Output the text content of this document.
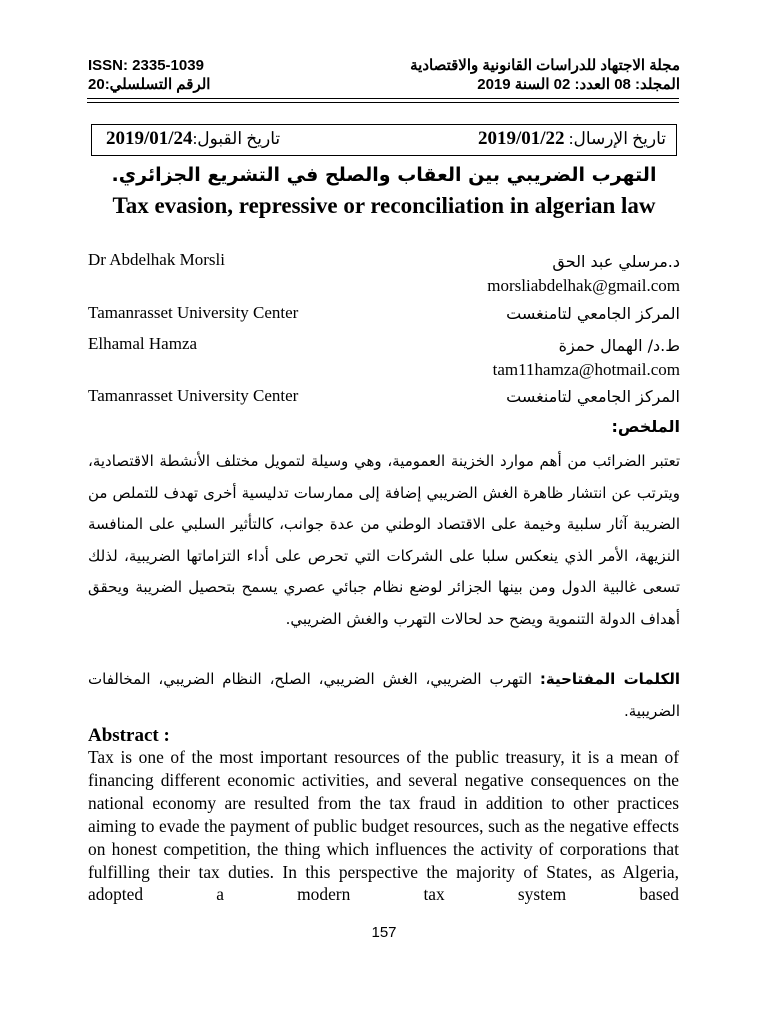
ISSN: 2335-1039
الرقم التسلسلي:20
مجلة الاجتهاد للدراسات القانونية والاقتصادية
المجلد: 08 العدد: 02 السنة 2019
تاريخ الإرسال: 2019/01/22
تاريخ القبول:2019/01/24
التهرب الضريبي بين العقاب والصلح في التشريع الجزائري.
Tax evasion, repressive or reconciliation in algerian law
Dr Abdelhak Morsli	د.مرسلي عبد الحق
morsliabdelhak@gmail.com
Tamanrasset University Center	المركز الجامعي لتامنغست
Elhamal Hamza	ط.د/ الهمال حمزة
tam11hamza@hotmail.com
Tamanrasset University Center	المركز الجامعي لتامنغست
الملخص:
تعتبر الضرائب من أهم موارد الخزينة العمومية، وهي وسيلة لتمويل مختلف الأنشطة الاقتصادية، ويترتب عن انتشار ظاهرة الغش الضريبي إضافة إلى ممارسات تدليسية أخرى تهدف للتملص من الضريبة آثار سلبية وخيمة على الاقتصاد الوطني من عدة جوانب، كالتأثير السلبي على المنافسة النزيهة، الأمر الذي ينعكس سلبا على الشركات التي تحرص على أداء التزاماتها الضريبية، لذلك تسعى غالبية الدول ومن بينها الجزائر لوضع نظام جبائي عصري يسمح بتحصيل الضريبة ويحقق أهداف الدولة التنموية ويضح حد لحالات التهرب والغش الضريبي.
الكلمات المفتاحية: التهرب الضريبي، الغش الضريبي، الصلح، النظام الضريبي، المخالفات الضريبية.
Abstract :
Tax is one of the most important resources of the public treasury, it is a mean of financing different economic activities, and several negative consequences on the national economy are resulted from the tax fraud in addition to other practices aiming to evade the payment of public budget resources, such as the negative effects on honest competition, the thing which influences the activity of corporations that fulfilling their tax duties. In this perspective the majority of States, as Algeria, adopted a modern tax system based
157
